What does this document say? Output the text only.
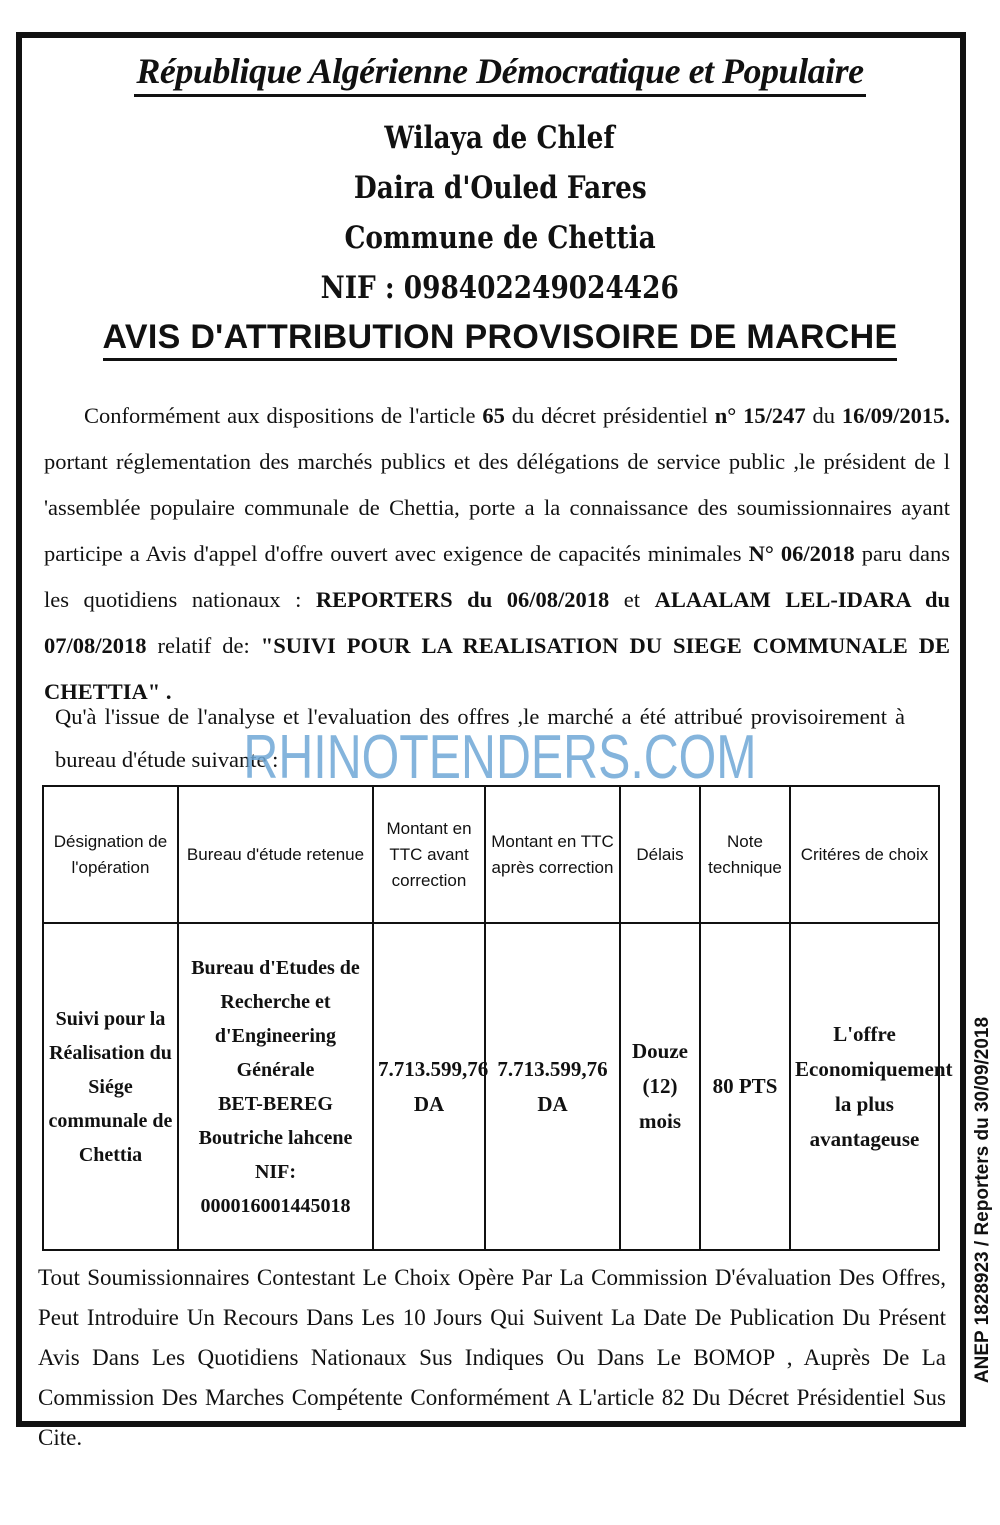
République Algérienne Démocratique et Populaire
Wilaya de Chlef
Daira d'Ouled Fares
Commune de Chettia
NIF : 098402249024426
AVIS D'ATTRIBUTION PROVISOIRE DE MARCHE
Conformément aux dispositions de l'article 65 du décret présidentiel n° 15/247 du 16/09/2015. portant réglementation des marchés publics et des délégations de service public ,le président de l 'assemblée populaire communale de Chettia, porte a la connaissance des soumissionnaires ayant participe a Avis d'appel d'offre ouvert avec exigence de capacités minimales N° 06/2018 paru dans les quotidiens nationaux : REPORTERS du 06/08/2018 et ALAALAM LEL-IDARA du 07/08/2018 relatif de: "SUIVI POUR LA REALISATION DU SIEGE COMMUNALE DE CHETTIA" .
Qu'à l'issue de l'analyse et l'evaluation des offres ,le marché a été attribué provisoirement à bureau d'étude suivante :
RHINOTENDERS.COM
Désignation de l'opération	Bureau d'étude retenue	Montant en TTC avant correction	Montant en TTC après correction	Délais	Note technique	Critéres de choix
Suivi pour la Réalisation du Siége communale de Chettia	Bureau d'Etudes de Recherche et d'Engineering Générale
BET-BEREG
Boutriche lahcene
NIF: 000016001445018	7.713.599,76 DA	7.713.599,76 DA	Douze (12) mois	80 PTS	L'offre Economiquement la plus avantageuse
Tout Soumissionnaires Contestant Le Choix Opère Par La Commission D'évaluation Des Offres, Peut Introduire Un Recours Dans Les 10 Jours Qui Suivent La Date De Publication Du Présent Avis Dans Les Quotidiens Nationaux Sus Indiques Ou Dans Le BOMOP , Auprès De La Commission Des Marches Compétente Conformément A L'article 82 Du Décret Présidentiel Sus Cite.
ANEP 1828923 / Reporters du 30/09/2018
